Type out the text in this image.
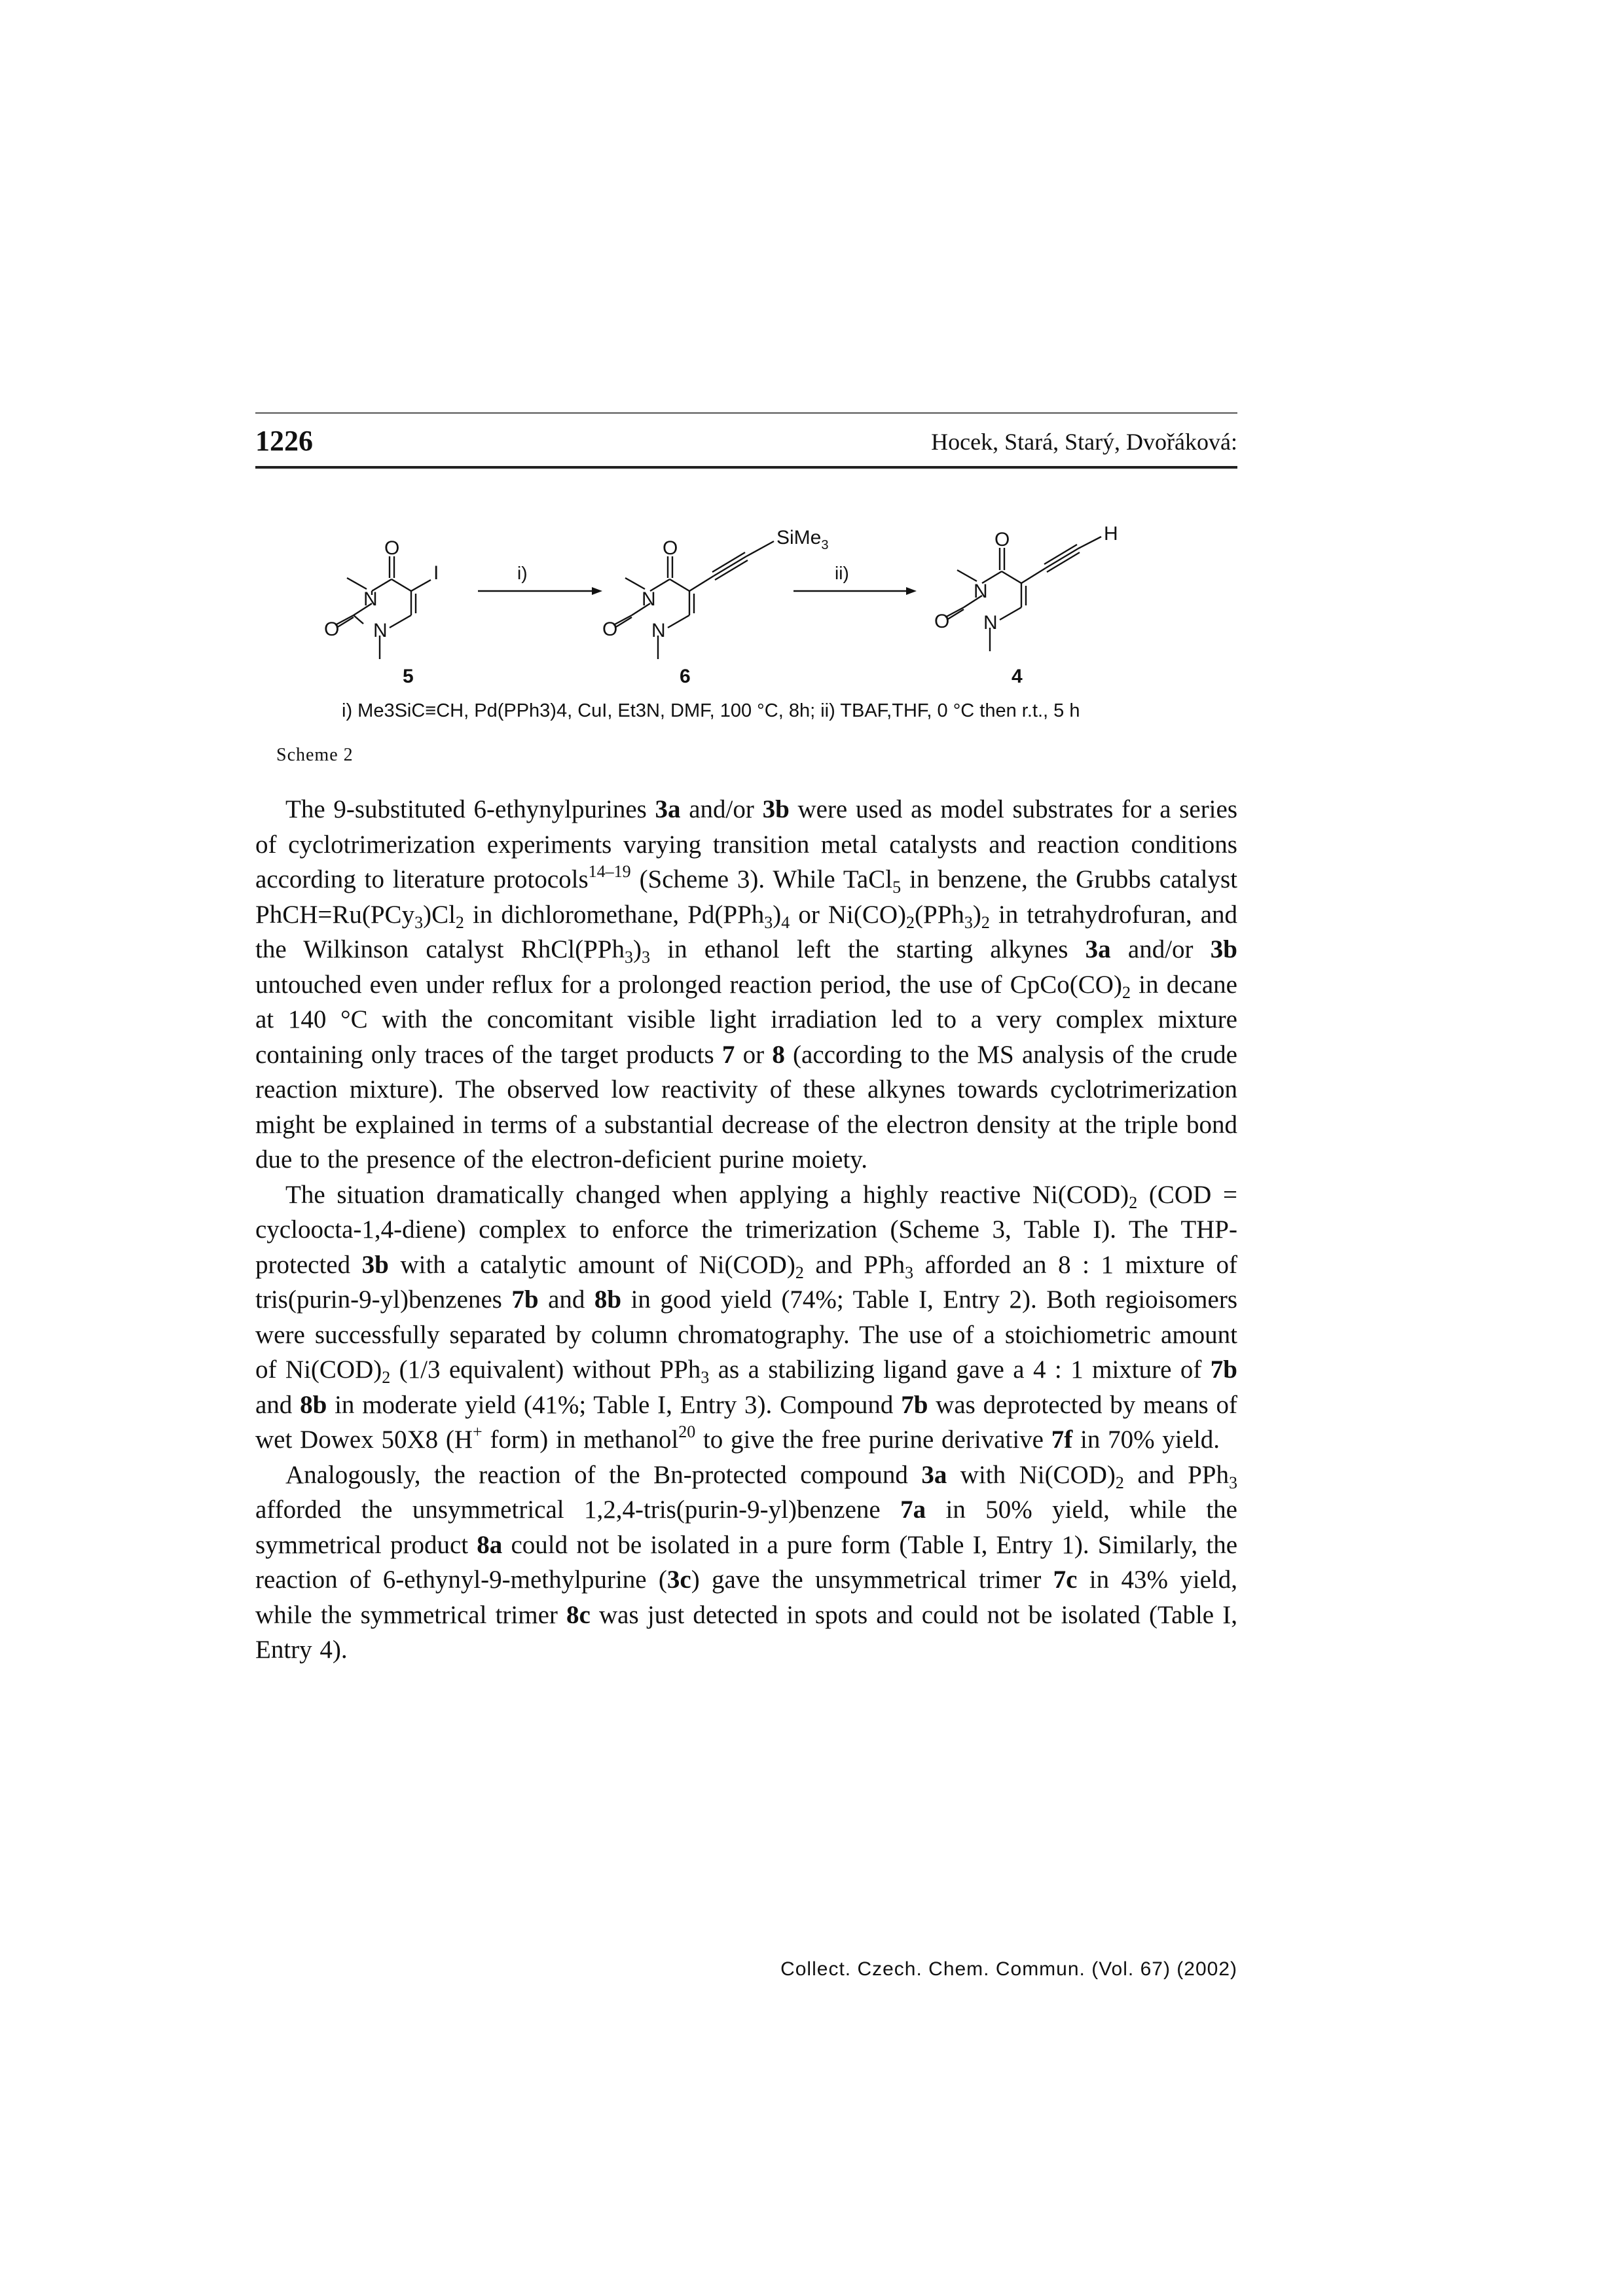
1226	Hocek, Stará, Starý, Dvořáková:
O
N
O N
I
5
i)
O
N
O N
SiMe$_3$
6
ii)
O
N
O N
H
4
i) Me3SiC≡CH, Pd(PPh3)4, CuI, Et3N, DMF, 100 °C, 8h; ii) TBAF,THF, 0 °C then r.t., 5 h
Scheme 2

The 9-substituted 6-ethynylpurines 3a and/or 3b were used as model substrates for a series of cyclotrimerization experiments varying transition metal catalysts and reaction conditions according to literature protocols$^{14-19}$ (Scheme 3). While TaCl$_5$ in benzene, the Grubbs catalyst $PhCH=Ru(PCy_3)Cl_2$ in dichloromethane, $Pd(PPh_3)_4$ or $Ni(CO)_2(PPh_3)_2$ in tetrahydrofuran, and the Wilkinson catalyst $RhCl(PPh_3)_3$ in ethanol left the starting alkynes 3a and/or 3b untouched even under reflux for a prolonged reaction period, the use of $CpCo(CO)_2$ in decane at 140 °C with the concomitant visible light irradiation led to a very complex mixture containing only traces of the target products 7 or 8 (according to the MS analysis of the crude reaction mixture). The observed low reactivity of these alkynes towards cyclotrimerization might be explained in terms of a substantial decrease of the electron density at the triple bond due to the presence of the electron-deficient purine moiety.

The situation dramatically changed when applying a highly reactive $Ni(COD)_2$ (COD = cycloocta-1,4-diene) complex to enforce the trimerization (Scheme 3, Table I). The THP-protected 3b with a catalytic amount of $Ni(COD)_2$ and PPh$_3$ afforded an 8 : 1 mixture of tris(purin-9-yl)benzenes 7b and 8b in good yield (74%; Table I, Entry 2). Both regioisomers were successfully separated by column chromatography. The use of a stoichiometric amount of $Ni(COD)_2$ (1/3 equivalent) without PPh$_3$ as a stabilizing ligand gave a 4 : 1 mixture of 7b and 8b in moderate yield (41%; Table I, Entry 3). Compound 7b was deprotected by means of wet Dowex 50X8 (H+ form) in methanol$^{20}$ to give the free purine derivative 7f in 70% yield.

Analogously, the reaction of the Bn-protected compound 3a with $Ni(COD)_2$ and PPh$_3$ afforded the unsymmetrical 1,2,4-tris(purin-9-yl)benzene 7a in 50% yield, while the symmetrical product 8a could not be isolated in a pure form (Table I, Entry 1). Similarly, the reaction of 6-ethynyl-9-methylpurine (3c) gave the unsymmetrical trimer 7c in 43% yield, while the symmetrical trimer 8c was just detected in spots and could not be isolated (Table I, Entry 4).

Collect. Czech. Chem. Commun. (Vol. 67) (2002)
